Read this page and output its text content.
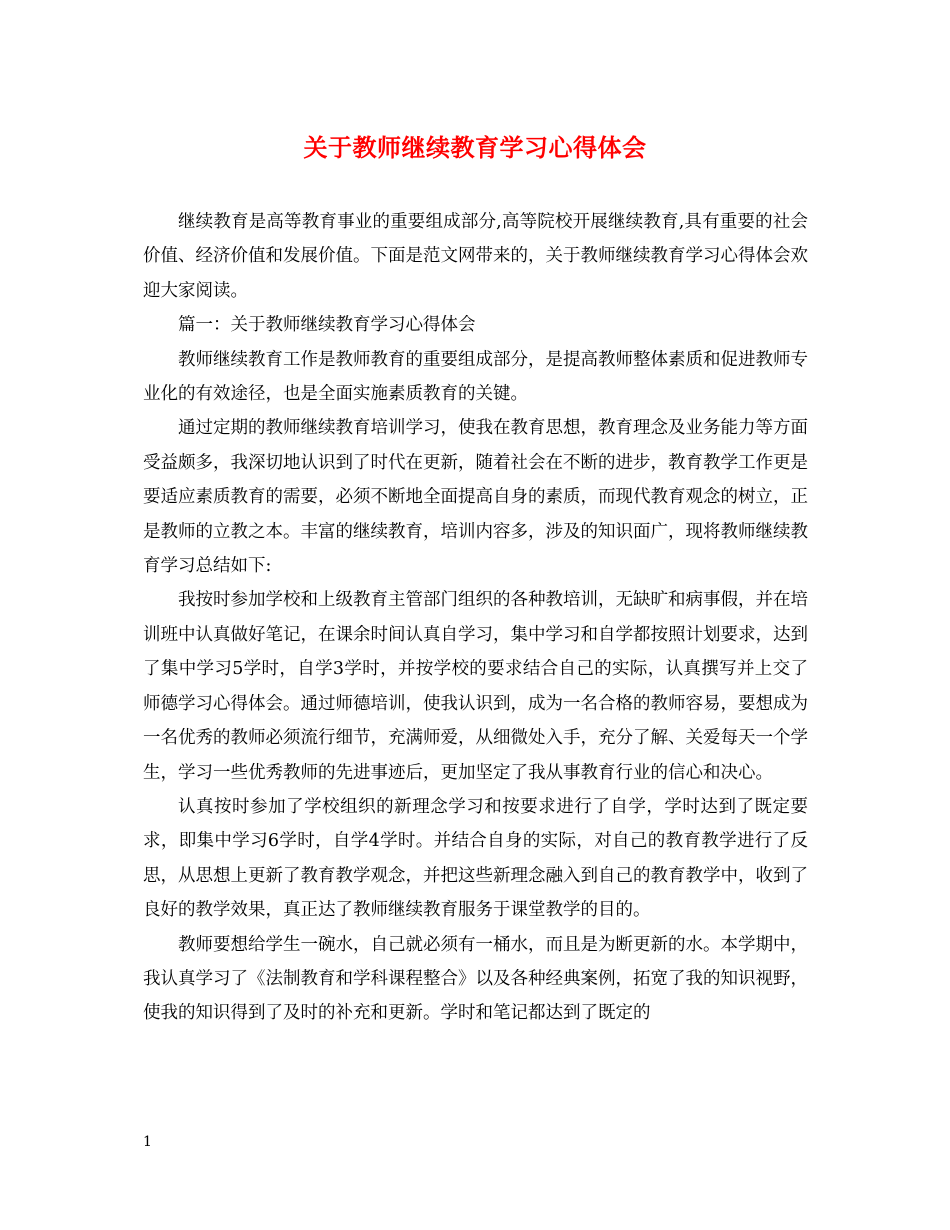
关于教师继续教育学习心得体会

继续教育是高等教育事业的重要组成部分,高等院校开展继续教育,具有重要的社会价值、经济价值和发展价值。下面是范文网带来的，关于教师继续教育学习心得体会欢迎大家阅读。

篇一：关于教师继续教育学习心得体会

教师继续教育工作是教师教育的重要组成部分，是提高教师整体素质和促进教师专业化的有效途径，也是全面实施素质教育的关键。

通过定期的教师继续教育培训学习，使我在教育思想，教育理念及业务能力等方面受益颇多，我深切地认识到了时代在更新，随着社会在不断的进步，教育教学工作更是要适应素质教育的需要，必须不断地全面提高自身的素质，而现代教育观念的树立，正是教师的立教之本。丰富的继续教育，培训内容多，涉及的知识面广，现将教师继续教育学习总结如下:

我按时参加学校和上级教育主管部门组织的各种教培训，无缺旷和病事假，并在培训班中认真做好笔记，在课余时间认真自学习，集中学习和自学都按照计划要求，达到了集中学习5学时，自学3学时，并按学校的要求结合自己的实际，认真撰写并上交了师德学习心得体会。通过师德培训，使我认识到，成为一名合格的教师容易，要想成为一名优秀的教师必须流行细节，充满师爱，从细微处入手，充分了解、关爱每天一个学生，学习一些优秀教师的先进事迹后，更加坚定了我从事教育行业的信心和决心。

认真按时参加了学校组织的新理念学习和按要求进行了自学，学时达到了既定要求，即集中学习6学时，自学4学时。并结合自身的实际，对自己的教育教学进行了反思，从思想上更新了教育教学观念，并把这些新理念融入到自己的教育教学中，收到了良好的教学效果，真正达了教师继续教育服务于课堂教学的目的。

教师要想给学生一碗水，自己就必须有一桶水，而且是为断更新的水。本学期中，我认真学习了《法制教育和学科课程整合》以及各种经典案例，拓宽了我的知识视野，使我的知识得到了及时的补充和更新。学时和笔记都达到了既定的

1
